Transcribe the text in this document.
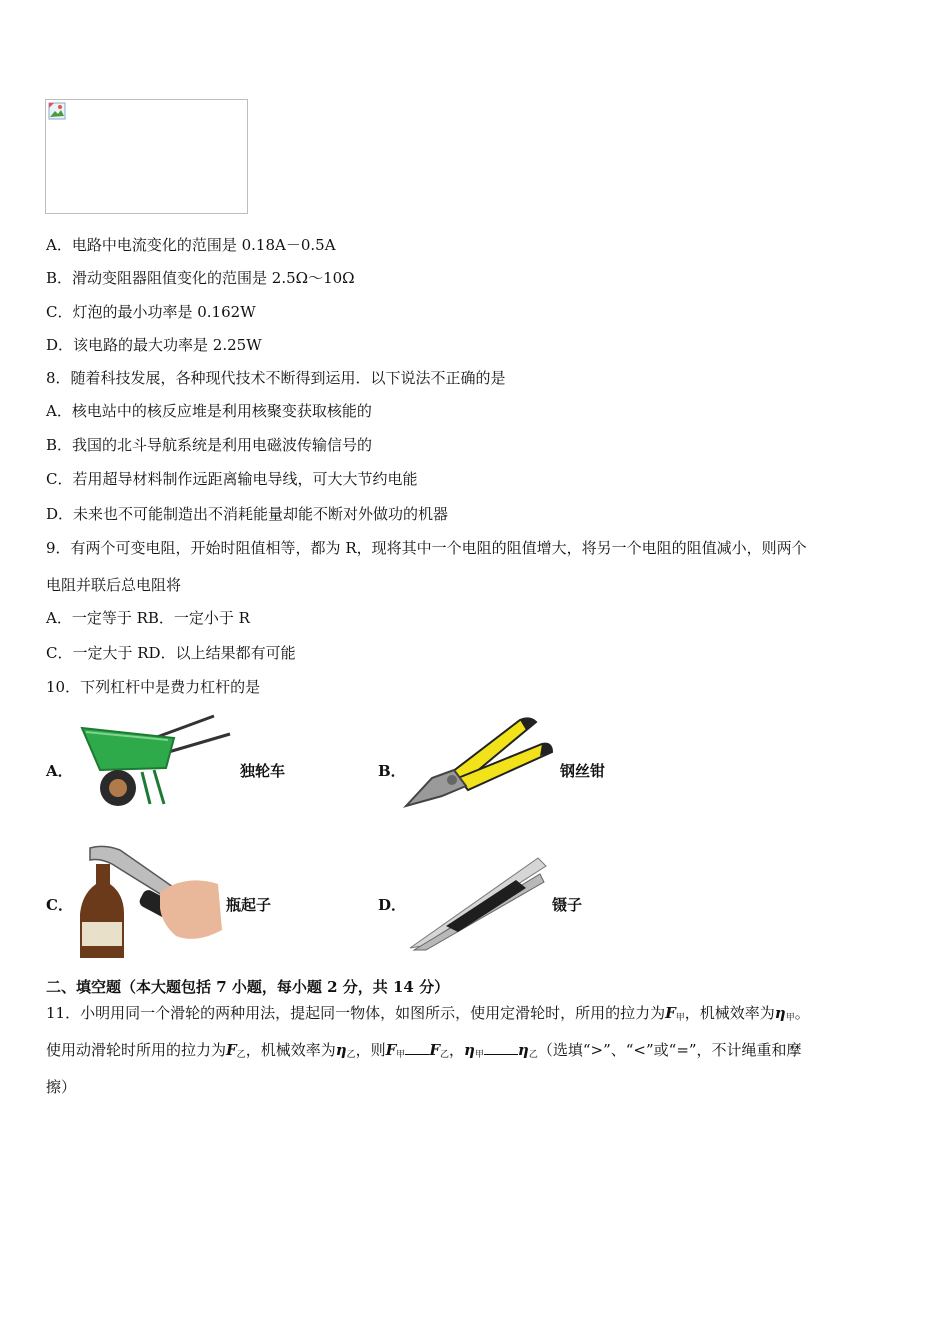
A．电路中电流变化的范围是 0.18A－0.5A
B．滑动变阻器阻值变化的范围是 2.5Ω～10Ω
C．灯泡的最小功率是 0.162W
D．该电路的最大功率是 2.25W
8．随着科技发展，各种现代技术不断得到运用．以下说法不正确的是
A．核电站中的核反应堆是利用核聚变获取核能的
B．我国的北斗导航系统是利用电磁波传输信号的
C．若用超导材料制作远距离输电导线，可大大节约电能
D．未来也不可能制造出不消耗能量却能不断对外做功的机器
9．有两个可变电阻，开始时阻值相等，都为 R，现将其中一个电阻的阻值增大，将另一个电阻的阻值减小，则两个
电阻并联后总电阻将
A．一定等于 RB．一定小于 R
C．一定大于 RD．以上结果都有可能
10．下列杠杆中是费力杠杆的是
A．	独轮车	B．	钢丝钳
C．	瓶起子	D．	镊子
二、填空题（本大题包括 7 小题，每小题 2 分，共 14 分）
11．小明用同一个滑轮的两种用法，提起同一物体，如图所示，使用定滑轮时，所用的拉力为$F_甲$，机械效率为$\eta_甲$。
使用动滑轮时所用的拉力为$F_乙$，机械效率为$\eta_乙$，则$F_甲$ $F_乙$，$\eta_甲$ $\eta_乙$（选填“>”、“<”或“=”，不计绳重和摩
擦）
